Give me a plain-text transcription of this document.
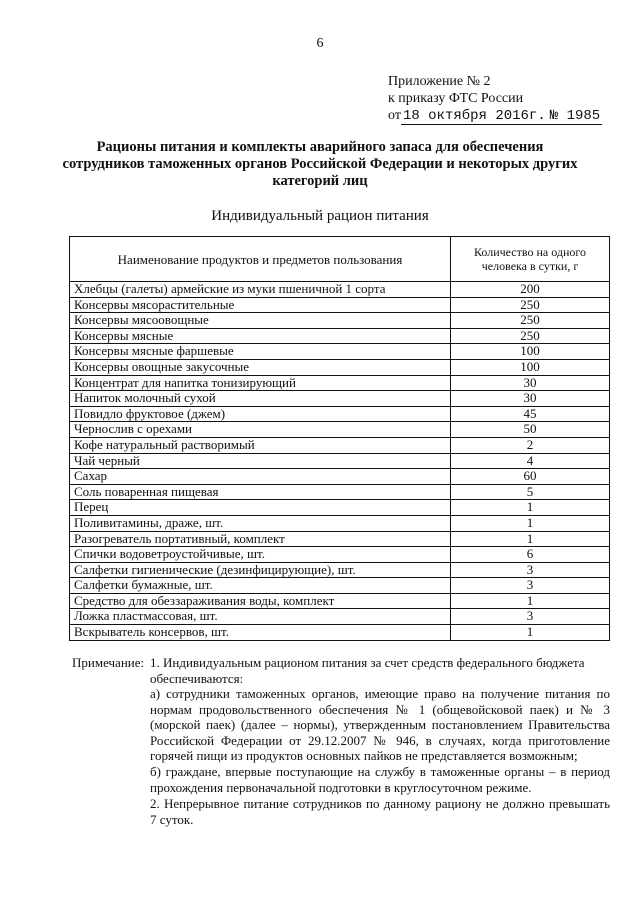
6
Приложение № 2
к приказу ФТС России
от 18 октября 2016г. № 1985
Рационы питания и комплекты аварийного запаса для обеспечения сотрудников таможенных органов Российской Федерации и некоторых других категорий лиц
Индивидуальный рацион питания
Наименование продуктов и предметов пользования	Количество на одного человека в сутки, г
Хлебцы (галеты) армейские из муки пшеничной 1 сорта	200
Консервы мясорастительные	250
Консервы мясоовощные	250
Консервы мясные	250
Консервы мясные фаршевые	100
Консервы овощные закусочные	100
Концентрат для напитка тонизирующий	30
Напиток молочный сухой	30
Повидло фруктовое (джем)	45
Чернослив с орехами	50
Кофе натуральный растворимый	2
Чай черный	4
Сахар	60
Соль поваренная пищевая	5
Перец	1
Поливитамины, драже, шт.	1
Разогреватель портативный, комплект	1
Спички водоветроустойчивые, шт.	6
Салфетки гигиенические (дезинфицирующие), шт.	3
Салфетки бумажные, шт.	3
Средство для обеззараживания воды, комплект	1
Ложка пластмассовая, шт.	3
Вскрыватель консервов, шт.	1
Примечание: 1. Индивидуальным рационом питания за счет средств федерального бюджета обеспечиваются:
а) сотрудники таможенных органов, имеющие право на получение питания по нормам продовольственного обеспечения № 1 (общевойсковой паек) и № 3 (морской паек) (далее – нормы), утвержденным постановлением Правительства Российской Федерации от 29.12.2007 № 946, в случаях, когда приготовление горячей пищи из продуктов основных пайков не представляется возможным;
б) граждане, впервые поступающие на службу в таможенные органы – в период прохождения первоначальной подготовки в круглосуточном режиме.
2. Непрерывное питание сотрудников по данному рациону не должно превышать 7 суток.
